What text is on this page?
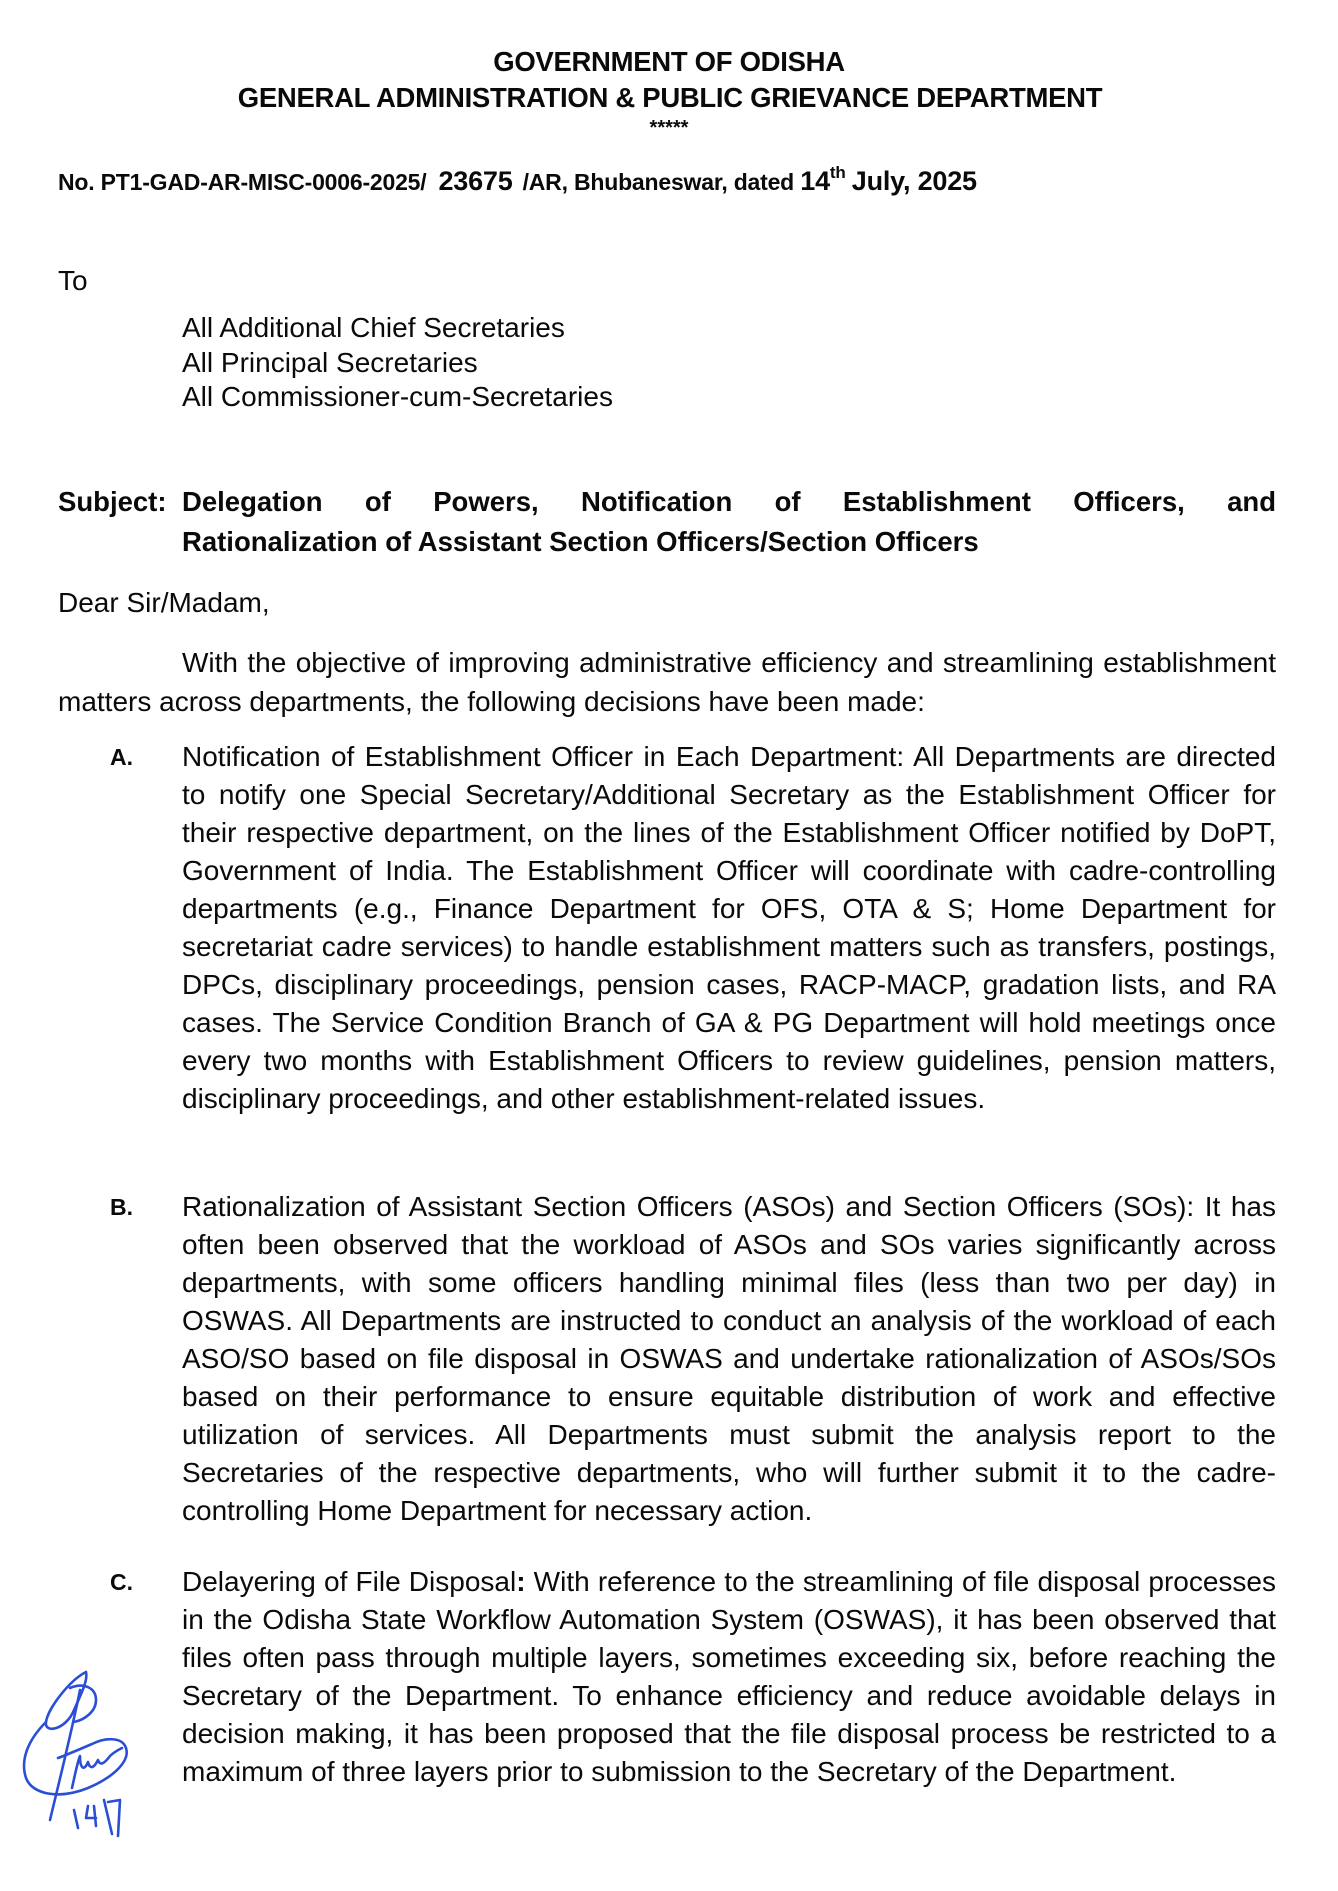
GOVERNMENT OF ODISHA
GENERAL ADMINISTRATION & PUBLIC GRIEVANCE DEPARTMENT
*****
No. PT1-GAD-AR-MISC-0006-2025/ 23675 /AR, Bhubaneswar, dated 14th July, 2025
To
All Additional Chief Secretaries
All Principal Secretaries
All Commissioner-cum-Secretaries
Subject: Delegation of Powers, Notification of Establishment Officers, and
Rationalization of Assistant Section Officers/Section Officers
Dear Sir/Madam,
With the objective of improving administrative efficiency and streamlining establishment matters across departments, the following decisions have been made:
A. Notification of Establishment Officer in Each Department: All Departments are directed to notify one Special Secretary/Additional Secretary as the Establishment Officer for their respective department, on the lines of the Establishment Officer notified by DoPT, Government of India. The Establishment Officer will coordinate with cadre-controlling departments (e.g., Finance Department for OFS, OTA & S; Home Department for secretariat cadre services) to handle establishment matters such as transfers, postings, DPCs, disciplinary proceedings, pension cases, RACP-MACP, gradation lists, and RA cases. The Service Condition Branch of GA & PG Department will hold meetings once every two months with Establishment Officers to review guidelines, pension matters, disciplinary proceedings, and other establishment-related issues.
B. Rationalization of Assistant Section Officers (ASOs) and Section Officers (SOs): It has often been observed that the workload of ASOs and SOs varies significantly across departments, with some officers handling minimal files (less than two per day) in OSWAS. All Departments are instructed to conduct an analysis of the workload of each ASO/SO based on file disposal in OSWAS and undertake rationalization of ASOs/SOs based on their performance to ensure equitable distribution of work and effective utilization of services. All Departments must submit the analysis report to the Secretaries of the respective departments, who will further submit it to the cadre-controlling Home Department for necessary action.
C. Delayering of File Disposal: With reference to the streamlining of file disposal processes in the Odisha State Workflow Automation System (OSWAS), it has been observed that files often pass through multiple layers, sometimes exceeding six, before reaching the Secretary of the Department. To enhance efficiency and reduce avoidable delays in decision making, it has been proposed that the file disposal process be restricted to a maximum of three layers prior to submission to the Secretary of the Department.
